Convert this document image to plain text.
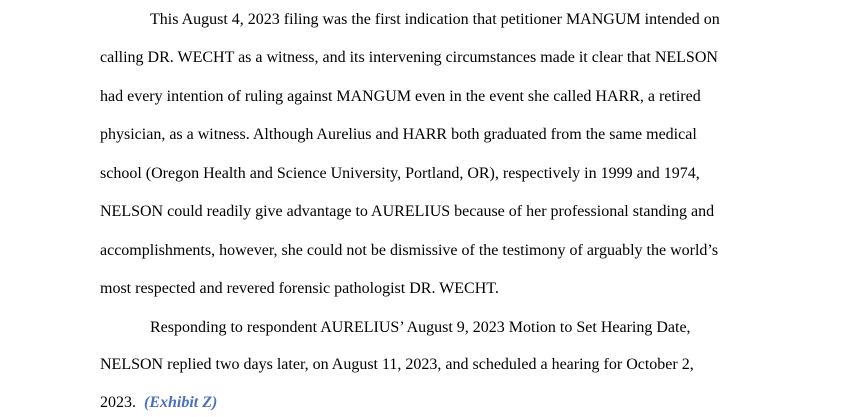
This August 4, 2023 filing was the first indication that petitioner MANGUM intended on
calling DR. WECHT as a witness, and its intervening circumstances made it clear that NELSON
had every intention of ruling against MANGUM even in the event she called HARR, a retired
physician, as a witness. Although Aurelius and HARR both graduated from the same medical
school (Oregon Health and Science University, Portland, OR), respectively in 1999 and 1974,
NELSON could readily give advantage to AURELIUS because of her professional standing and
accomplishments, however, she could not be dismissive of the testimony of arguably the world’s
most respected and revered forensic pathologist DR. WECHT.
Responding to respondent AURELIUS’ August 9, 2023 Motion to Set Hearing Date,
NELSON replied two days later, on August 11, 2023, and scheduled a hearing for October 2,
2023.  (Exhibit Z)
